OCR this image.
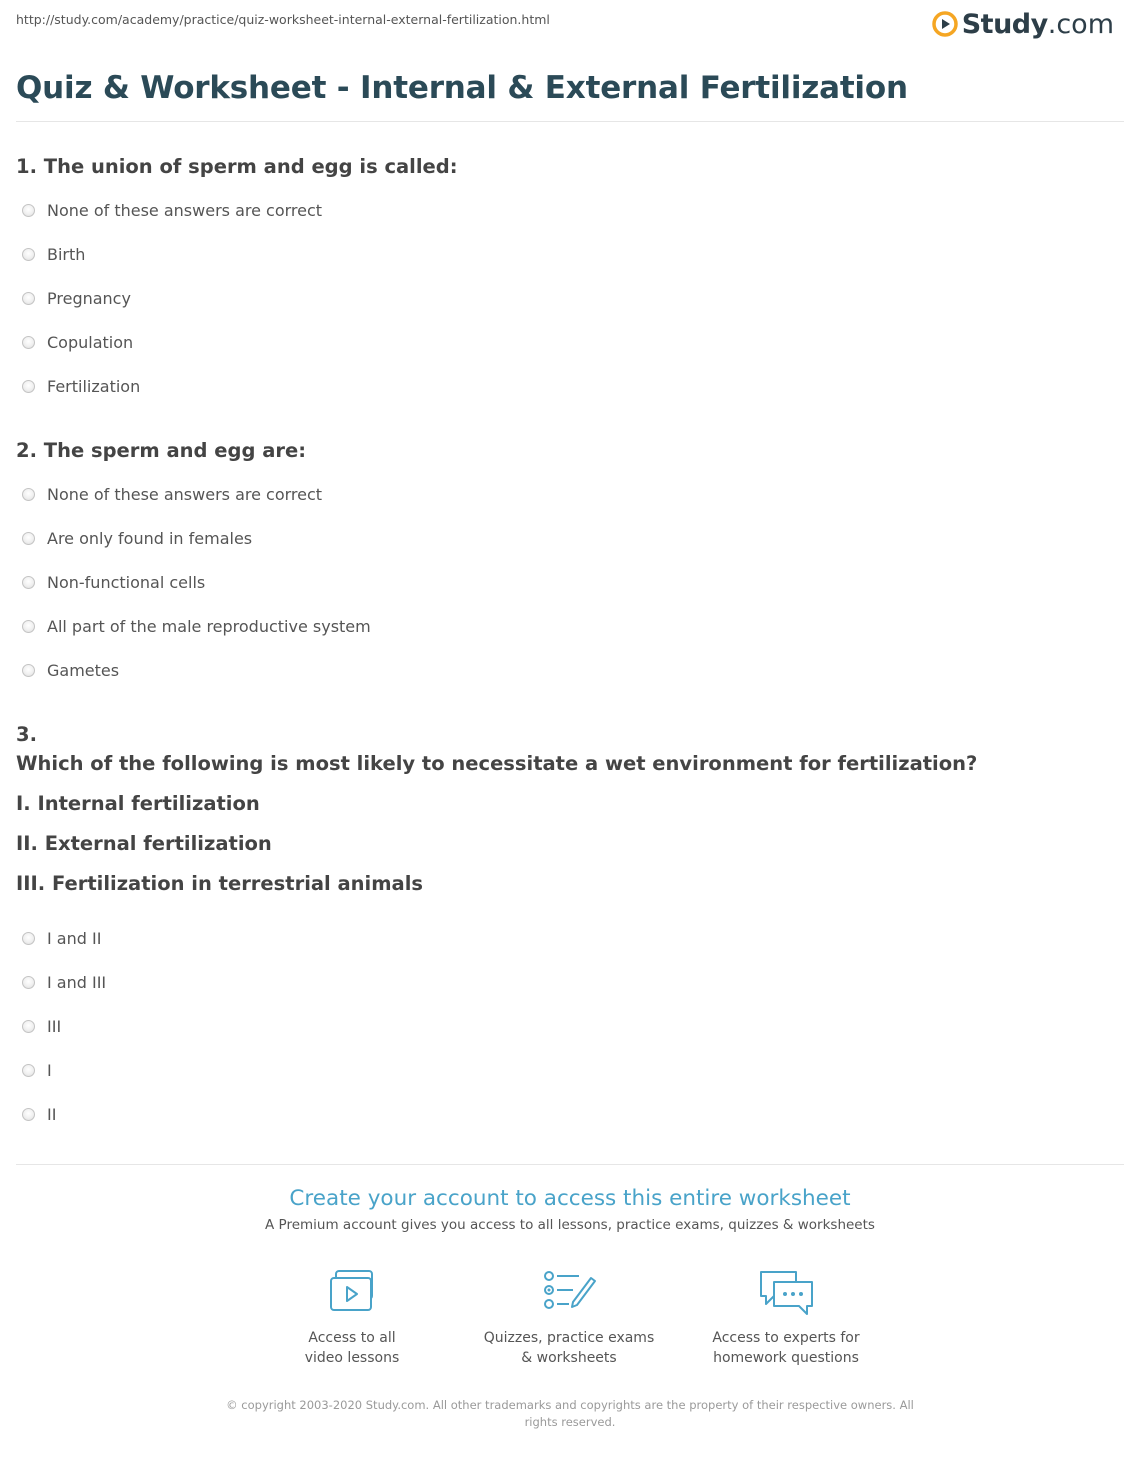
http://study.com/academy/practice/quiz-worksheet-internal-external-fertilization.html	Study .com
Quiz & Worksheet - Internal & External Fertilization
1. The union of sperm and egg is called:
None of these answers are correct
Birth
Pregnancy
Copulation
Fertilization
2. The sperm and egg are:
None of these answers are correct
Are only found in females
Non-functional cells
All part of the male reproductive system
Gametes
3.
Which of the following is most likely to necessitate a wet environment for fertilization?
I. Internal fertilization
II. External fertilization
III. Fertilization in terrestrial animals
I and II
I and III
III
I
II
Create your account to access this entire worksheet
A Premium account gives you access to all lessons, practice exams, quizzes & worksheets
Access to all
video lessons
Quizzes, practice exams
& worksheets
Access to experts for
homework questions
© copyright 2003-2020 Study.com. All other trademarks and copyrights are the property of their respective owners. All rights reserved.
